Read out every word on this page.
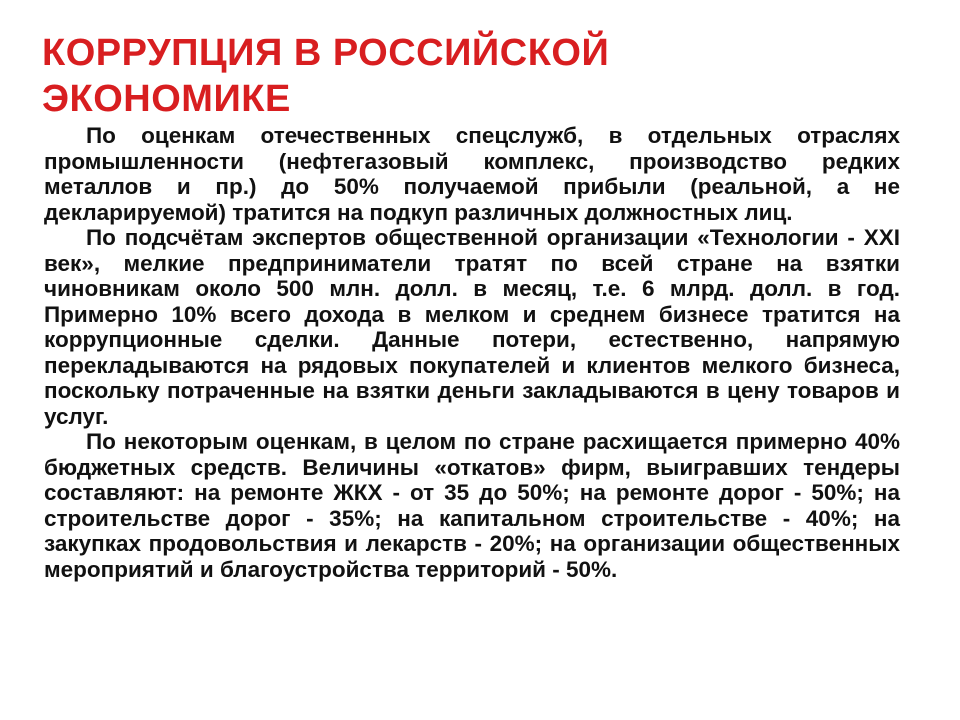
КОРРУПЦИЯ В РОССИЙСКОЙ
ЭКОНОМИКЕ

По оценкам отечественных спецслужб, в отдельных отраслях промышленности (нефтегазовый комплекс, производство редких металлов и пр.) до 50% получаемой прибыли (реальной, а не декларируемой) тратится на подкуп различных должностных лиц.

По подсчётам экспертов общественной организации «Технологии - XXI век», мелкие предприниматели тратят по всей стране на взятки чиновникам около 500 млн. долл. в месяц, т.е. 6 млрд. долл. в год. Примерно 10% всего дохода в мелком и среднем бизнесе тратится на коррупционные сделки. Данные потери, естественно, напрямую перекладываются на рядовых покупателей и клиентов мелкого бизнеса, поскольку потраченные на взятки деньги закладываются в цену товаров и услуг.

По некоторым оценкам, в целом по стране расхищается примерно 40% бюджетных средств. Величины «откатов» фирм, выигравших тендеры составляют: на ремонте ЖКХ - от 35 до 50%; на ремонте дорог - 50%; на строительстве дорог - 35%; на капитальном строительстве - 40%; на закупках продовольствия и лекарств - 20%; на организации общественных мероприятий и благоустройства территорий - 50%.
